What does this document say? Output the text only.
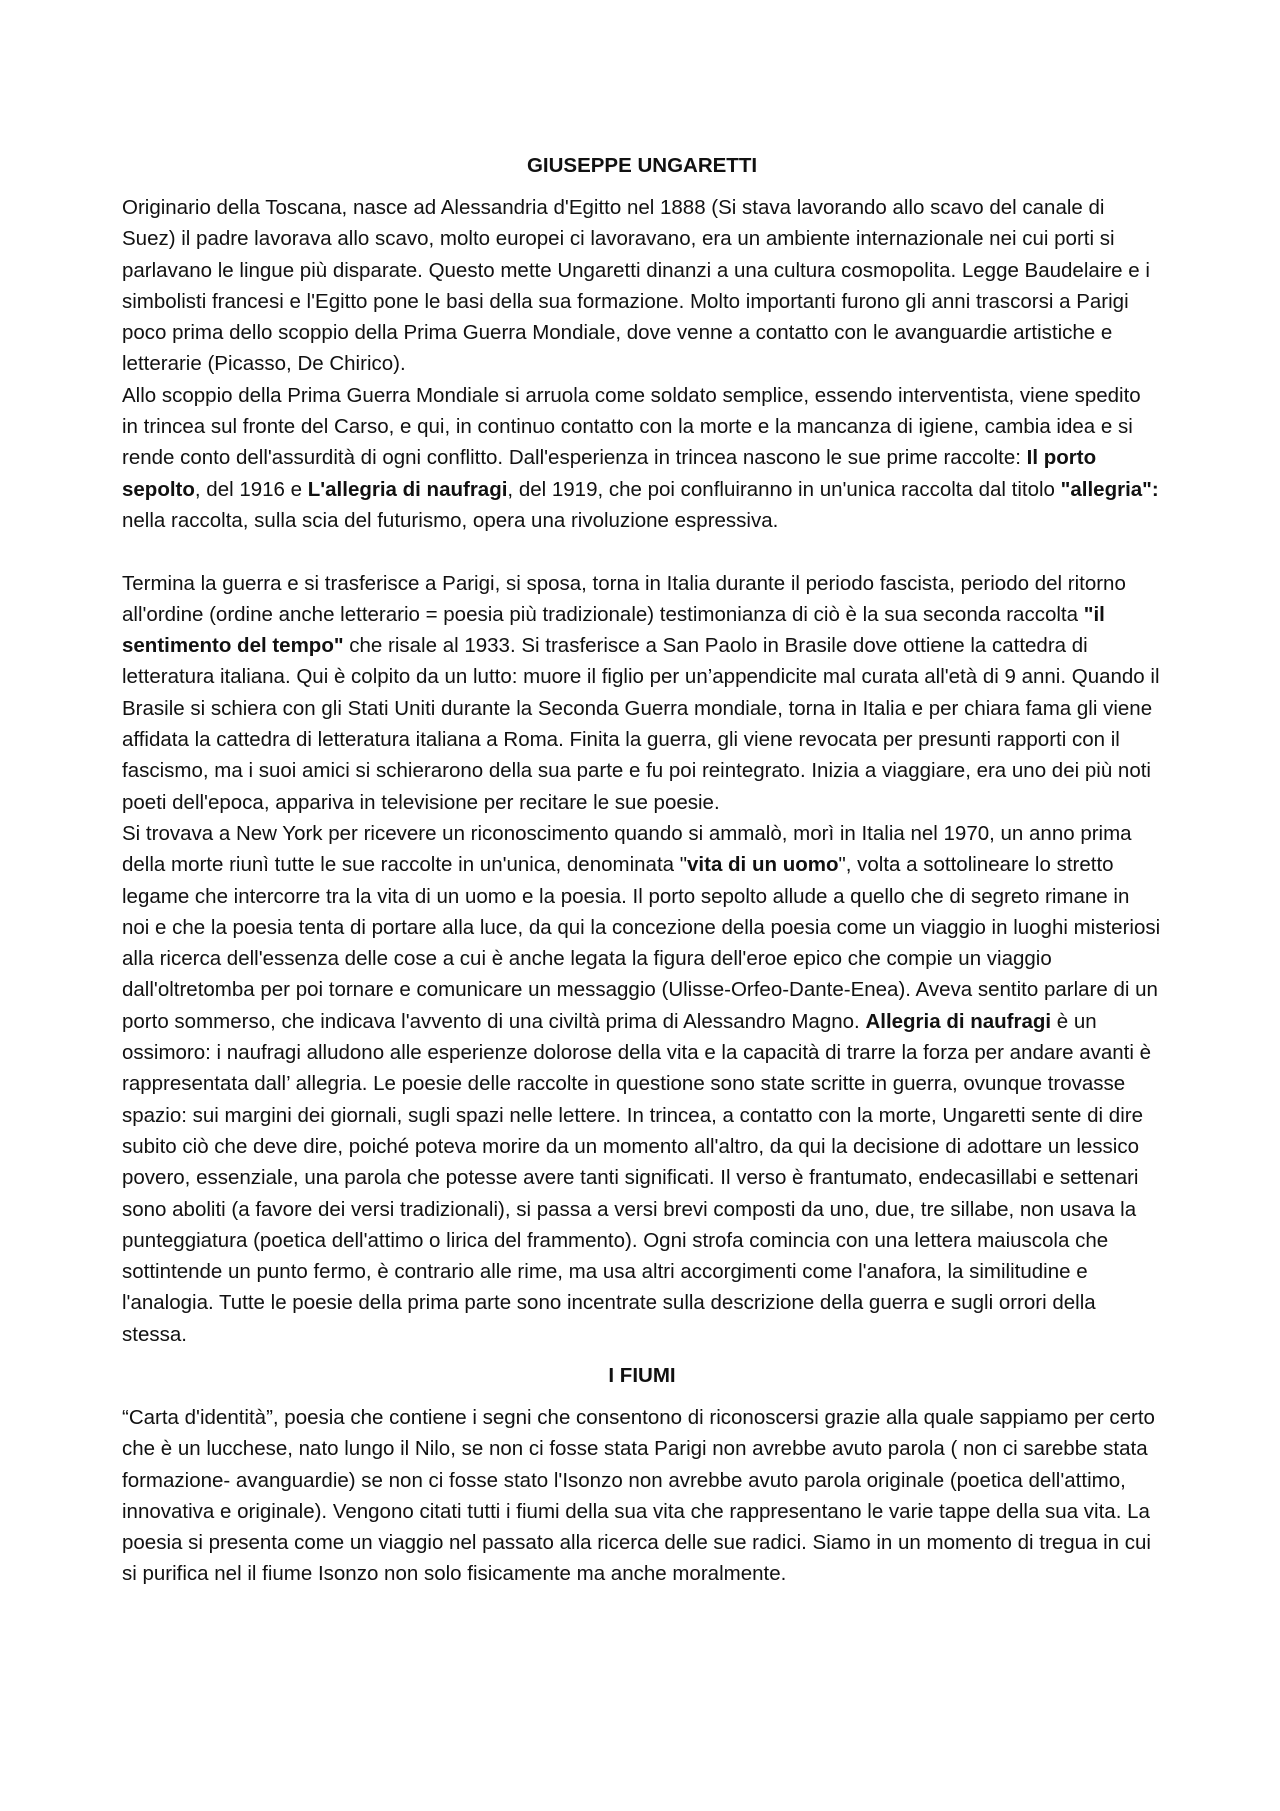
GIUSEPPE UNGARETTI

Originario della Toscana, nasce ad Alessandria d'Egitto nel 1888 (Si stava lavorando allo scavo del canale di Suez) il padre lavorava allo scavo, molto europei ci lavoravano, era un ambiente internazionale nei cui porti si parlavano le lingue più disparate. Questo mette Ungaretti dinanzi a una cultura cosmopolita. Legge Baudelaire e i simbolisti francesi e l'Egitto pone le basi della sua formazione. Molto importanti furono gli anni trascorsi a Parigi poco prima dello scoppio della Prima Guerra Mondiale, dove venne a contatto con le avanguardie artistiche e letterarie (Picasso, De Chirico).

Allo scoppio della Prima Guerra Mondiale si arruola come soldato semplice, essendo interventista, viene spedito in trincea sul fronte del Carso, e qui, in continuo contatto con la morte e la mancanza di igiene, cambia idea e si rende conto dell'assurdità di ogni conflitto. Dall'esperienza in trincea nascono le sue prime raccolte: Il porto sepolto, del 1916 e L'allegria di naufragi, del 1919, che poi confluiranno in un'unica raccolta dal titolo "allegria": nella raccolta, sulla scia del futurismo, opera una rivoluzione espressiva.

Termina la guerra e si trasferisce a Parigi, si sposa, torna in Italia durante il periodo fascista, periodo del ritorno all'ordine (ordine anche letterario = poesia più tradizionale) testimonianza di ciò è la sua seconda raccolta "il sentimento del tempo" che risale al 1933. Si trasferisce a San Paolo in Brasile dove ottiene la cattedra di letteratura italiana. Qui è colpito da un lutto: muore il figlio per un’appendicite mal curata all'età di 9 anni. Quando il Brasile si schiera con gli Stati Uniti durante la Seconda Guerra mondiale, torna in Italia e per chiara fama gli viene affidata la cattedra di letteratura italiana a Roma. Finita la guerra, gli viene revocata per presunti rapporti con il fascismo, ma i suoi amici si schierarono della sua parte e fu poi reintegrato. Inizia a viaggiare, era uno dei più noti poeti dell'epoca, appariva in televisione per recitare le sue poesie.

Si trovava a New York per ricevere un riconoscimento quando si ammalò, morì in Italia nel 1970, un anno prima della morte riunì tutte le sue raccolte in un'unica, denominata "vita di un uomo", volta a sottolineare lo stretto legame che intercorre tra la vita di un uomo e la poesia. Il porto sepolto allude a quello che di segreto rimane in noi e che la poesia tenta di portare alla luce, da qui la concezione della poesia come un viaggio in luoghi misteriosi alla ricerca dell'essenza delle cose a cui è anche legata la figura dell'eroe epico che compie un viaggio dall'oltretomba per poi tornare e comunicare un messaggio (Ulisse-Orfeo-Dante-Enea). Aveva sentito parlare di un porto sommerso, che indicava l'avvento di una civiltà prima di Alessandro Magno. Allegria di naufragi è un ossimoro: i naufragi alludono alle esperienze dolorose della vita e la capacità di trarre la forza per andare avanti è rappresentata dall’ allegria. Le poesie delle raccolte in questione sono state scritte in guerra, ovunque trovasse spazio: sui margini dei giornali, sugli spazi nelle lettere. In trincea, a contatto con la morte, Ungaretti sente di dire subito ciò che deve dire, poiché poteva morire da un momento all'altro, da qui la decisione di adottare un lessico povero, essenziale, una parola che potesse avere tanti significati. Il verso è frantumato, endecasillabi e settenari sono aboliti (a favore dei versi tradizionali), si passa a versi brevi composti da uno, due, tre sillabe, non usava la punteggiatura (poetica dell'attimo o lirica del frammento). Ogni strofa comincia con una lettera maiuscola che sottintende un punto fermo, è contrario alle rime, ma usa altri accorgimenti come l'anafora, la similitudine e l'analogia. Tutte le poesie della prima parte sono incentrate sulla descrizione della guerra e sugli orrori della stessa.

I FIUMI

“Carta d'identità”, poesia che contiene i segni che consentono di riconoscersi grazie alla quale sappiamo per certo che è un lucchese, nato lungo il Nilo, se non ci fosse stata Parigi non avrebbe avuto parola ( non ci sarebbe stata formazione- avanguardie) se non ci fosse stato l'Isonzo non avrebbe avuto parola originale (poetica dell'attimo, innovativa e originale). Vengono citati tutti i fiumi della sua vita che rappresentano le varie tappe della sua vita. La poesia si presenta come un viaggio nel passato alla ricerca delle sue radici. Siamo in un momento di tregua in cui si purifica nel il fiume Isonzo non solo fisicamente ma anche moralmente.
